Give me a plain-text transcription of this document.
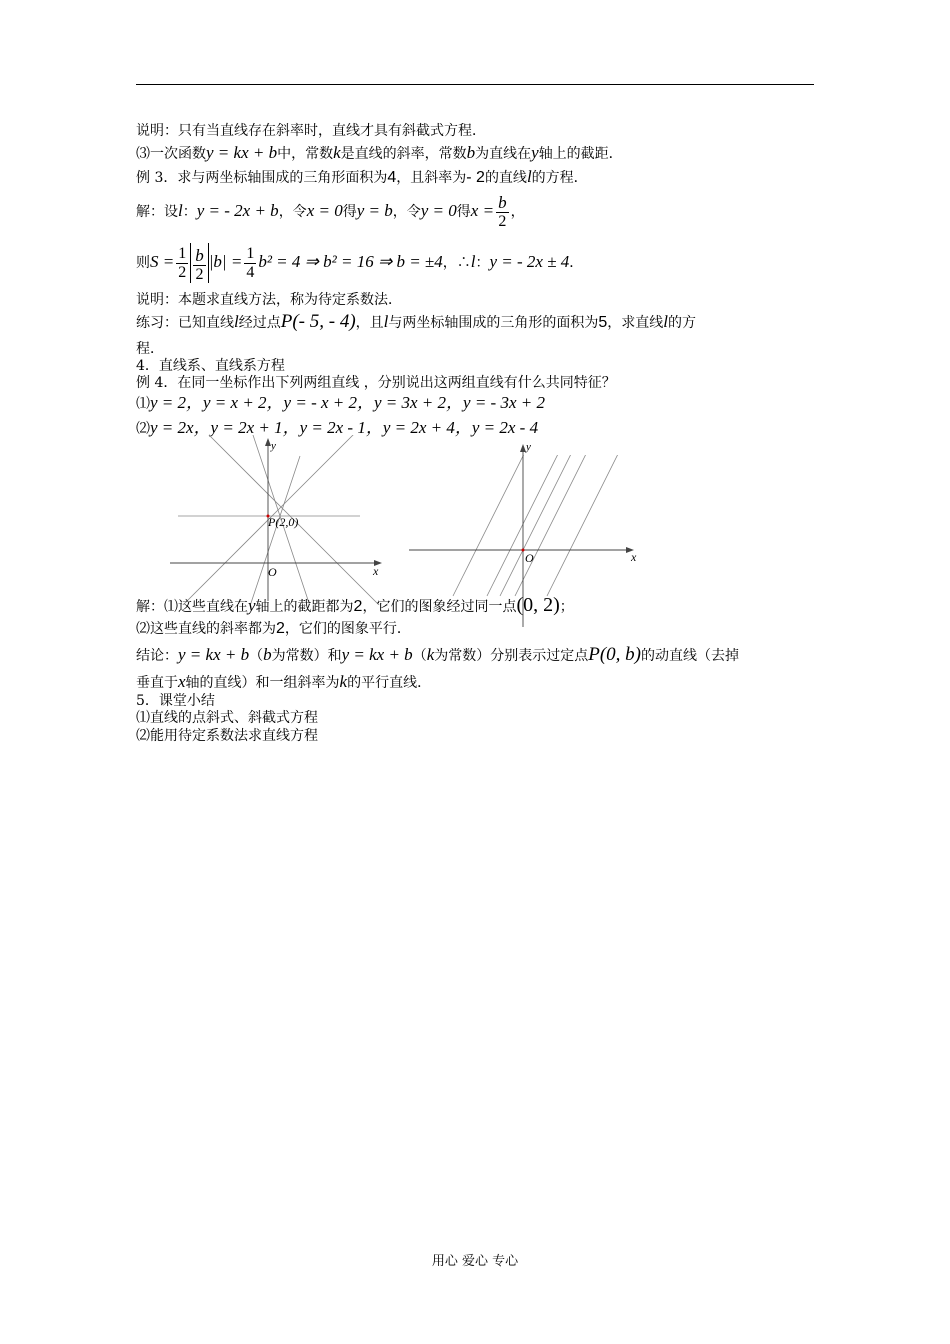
说明：只有当直线存在斜率时，直线才具有斜截式方程．
⑶一次函数y = kx + b中，常数k是直线的斜率，常数b为直线在y轴上的截距．
例 3．求与两坐标轴围成的三角形面积为4，且斜率为- 2的直线l的方程．
解：设l：y = - 2x + b，令x = 0得y = b，令y = 0得$x = \frac{b}{2}$ ，
则$S = \frac{1}{2} \frac{b}{2} |b| = \frac{1}{4} b^2 = 4$ ⇒ b² = 16 ⇒ b = ±4，∴l：y = - 2x ± 4．
说明：本题求直线方法，称为待定系数法．
练习：已知直线l经过点P(- 5, - 4)，且l与两坐标轴围成的三角形的面积为5，求直线l的方
程．
4．直线系、直线系方程
例 4．在同一坐标作出下列两组直线 ，分别说出这两组直线有什么共同特征？
⑴y = 2，y = x + 2，y = - x + 2，y = 3x + 2，y = - 3x + 2
⑵y = 2x，y = 2x + 1，y = 2x - 1，y = 2x + 4，y = 2x - 4
P(2,0)
O	x
y
O	x
y
解：⑴这些直线在y轴上的截距都为2，它们的图象经过同一点(0, 2)；
⑵这些直线的斜率都为2，它们的图象平行．
结论：y = kx + b（b为常数）和y = kx + b（k为常数）分别表示过定点P(0, b)的动直线（去掉
垂直于x轴的直线）和一组斜率为k的平行直线．
5．课堂小结
⑴直线的点斜式、斜截式方程
⑵能用待定系数法求直线方程
用心 爱心 专心
